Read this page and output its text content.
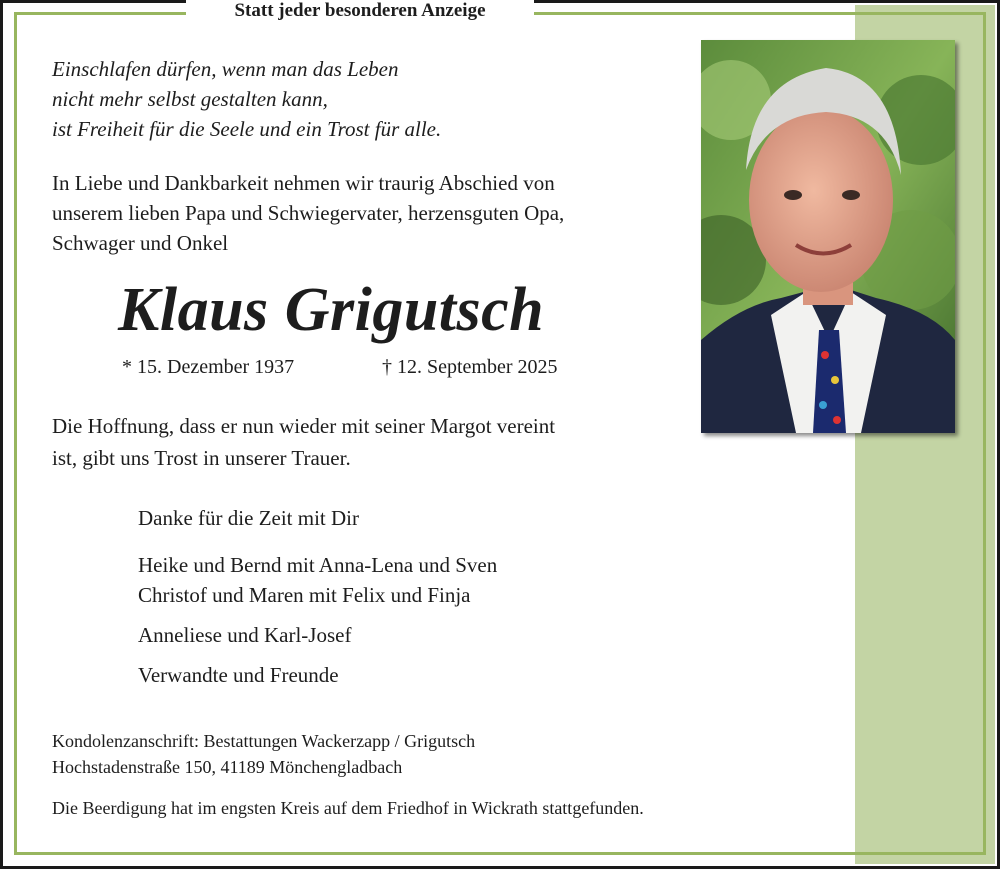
Statt jeder besonderen Anzeige
Einschlafen dürfen, wenn man das Leben
nicht mehr selbst gestalten kann,
ist Freiheit für die Seele und ein Trost für alle.
In Liebe und Dankbarkeit nehmen wir traurig Abschied von
unserem lieben Papa und Schwiegervater, herzensguten Opa,
Schwager und Onkel
Klaus Grigutsch
* 15. Dezember 1937	† 12. September 2025
Die Hoffnung, dass er nun wieder mit seiner Margot vereint
ist, gibt uns Trost in unserer Trauer.
Danke für die Zeit mit Dir
Heike und Bernd mit Anna-Lena und Sven
Christof und Maren mit Felix und Finja
Anneliese und Karl-Josef
Verwandte und Freunde
Kondolenzanschrift: Bestattungen Wackerzapp / Grigutsch
Hochstadenstraße 150, 41189 Mönchengladbach
Die Beerdigung hat im engsten Kreis auf dem Friedhof in Wickrath stattgefunden.
